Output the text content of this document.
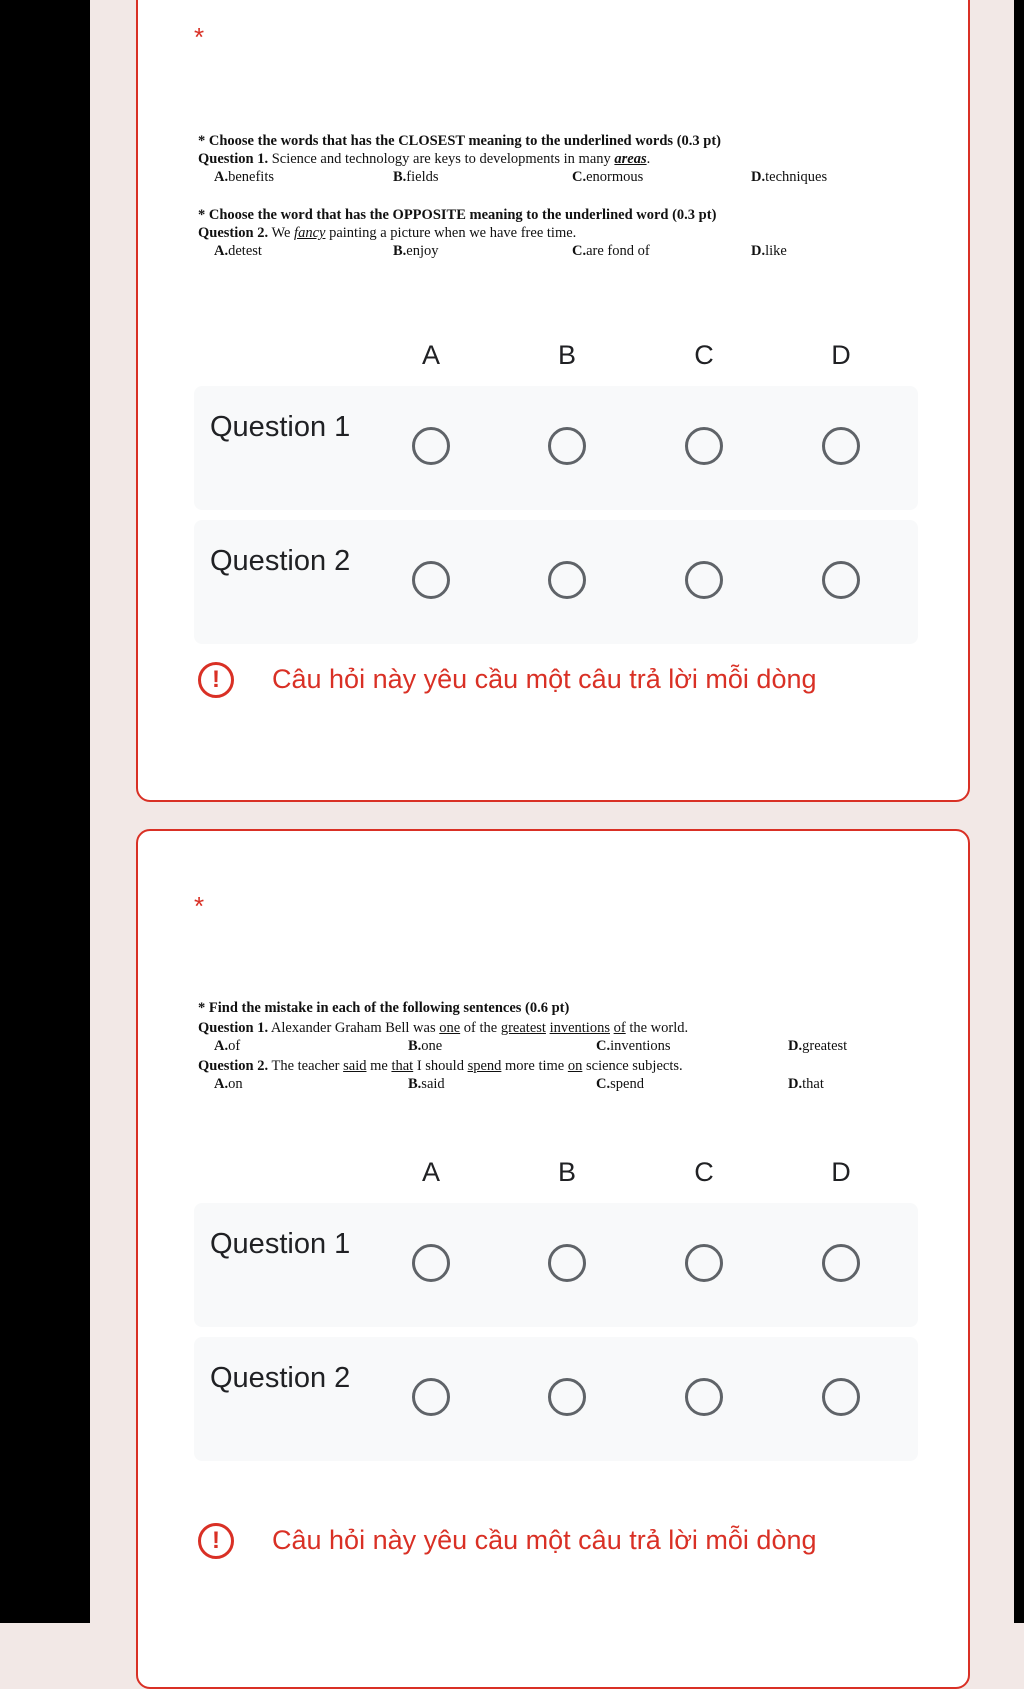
*
* Choose the words that has the CLOSEST meaning to the underlined words (0.3 pt)
Question 1. Science and technology are keys to developments in many areas.
A. benefits	B. fields	C. enormous	D. techniques
* Choose the word that has the OPPOSITE meaning to the underlined word (0.3 pt)
Question 2. We fancy painting a picture when we have free time.
A. detest	B. enjoy	C. are fond of	D. like
A	B	C	D
Question 1
Question 2
!	Câu hỏi này yêu cầu một câu trả lời mỗi dòng
*
* Find the mistake in each of the following sentences (0.6 pt)
Question 1. Alexander Graham Bell was one of the greatest inventions of the world.
A. of	B. one	C. inventions	D. greatest
Question 2. The teacher said me that I should spend more time on science subjects.
A. on	B. said	C. spend	D. that
A	B	C	D
Question 1
Question 2
!	Câu hỏi này yêu cầu một câu trả lời mỗi dòng
